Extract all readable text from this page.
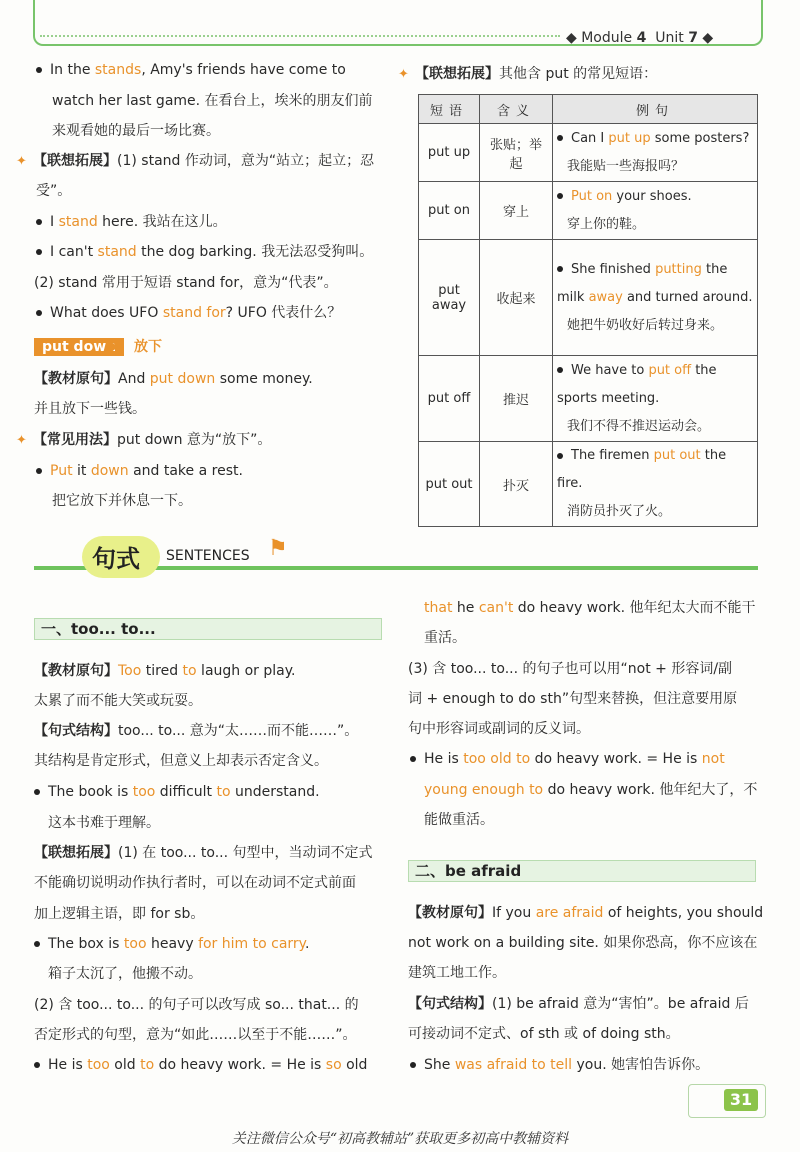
◆ Module 4 Unit 7 ◆
In the stands, Amy's friends have come to
watch her last game. 在看台上，埃米的朋友们前
来观看她的最后一场比赛。
✦ 【联想拓展】(1) stand 作动词，意为“站立；起立；忍
受”。
I stand here. 我站在这儿。
I can't stand the dog barking. 我无法忍受狗叫。
(2) stand 常用于短语 stand for，意为“代表”。
What does UFO stand for? UFO 代表什么？
put down	放下
【教材原句】And put down some money.
并且放下一些钱。
✦ 【常见用法】put down 意为“放下”。
Put it down and take a rest.
把它放下并休息一下。
✦ 【联想拓展】其他含 put 的常见短语：
短语	含义	例句
put up	张贴；举起	Can I put up some posters?
我能贴一些海报吗？
put on	穿上	Put on your shoes.
穿上你的鞋。
put away	收起来	She finished putting the milk away and turned around.
她把牛奶收好后转过身来。
put off	推迟	We have to put off the sports meeting.
我们不得不推迟运动会。
put out	扑灭	The firemen put out the fire.
消防员扑灭了火。
句式 SENTENCES ⚑
一、too... to...
【教材原句】Too tired to laugh or play.
太累了而不能大笑或玩耍。
【句式结构】too... to... 意为“太……而不能……”。
其结构是肯定形式，但意义上却表示否定含义。
The book is too difficult to understand.
这本书难于理解。
【联想拓展】(1) 在 too... to... 句型中，当动词不定式
不能确切说明动作执行者时，可以在动词不定式前面
加上逻辑主语，即 for sb。
The box is too heavy for him to carry.
箱子太沉了，他搬不动。
(2) 含 too... to... 的句子可以改写成 so... that... 的
否定形式的句型，意为“如此……以至于不能……”。
He is too old to do heavy work. = He is so old
that he can't do heavy work. 他年纪太大而不能干
重活。
(3) 含 too... to... 的句子也可以用“not + 形容词/副
词 + enough to do sth”句型来替换，但注意要用原
句中形容词或副词的反义词。
He is too old to do heavy work. = He is not
young enough to do heavy work. 他年纪大了，不
能做重活。
二、be afraid
【教材原句】If you are afraid of heights, you should
not work on a building site. 如果你恐高，你不应该在
建筑工地工作。
【句式结构】(1) be afraid 意为“害怕”。be afraid 后
可接动词不定式、of sth 或 of doing sth。
She was afraid to tell you. 她害怕告诉你。
31
关注微信公众号“初高教辅站”获取更多初高中教辅资料
